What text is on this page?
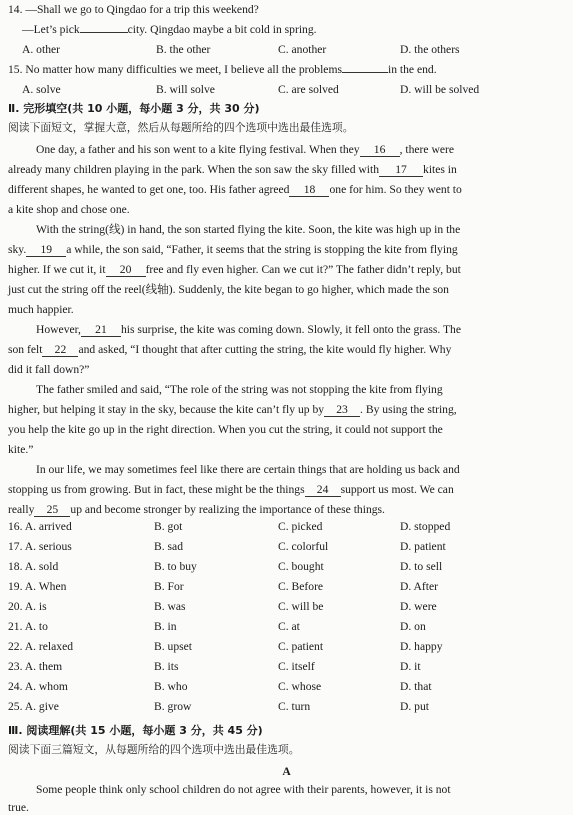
14. —Shall we go to Qingdao for a trip this weekend?
—Let’s pick	city. Qingdao maybe a bit cold in spring.
A. other	B. the other	C. another	D. the others
15. No matter how many difficulties we meet, I believe all the problems	in the end.
A. solve	B. will solve	C. are solved	D. will be solved
Ⅱ. 完形填空(共 10 小题，每小题 3 分，共 30 分)
阅读下面短文，掌握大意，然后从每题所给的四个选项中选出最佳选项。
One day, a father and his son went to a kite flying festival. When they 16 , there were
already many children playing in the park. When the son saw the sky filled with 17 kites in
different shapes, he wanted to get one, too. His father agreed 18 one for him. So they went to
a kite shop and chose one.
With the string(线) in hand, the son started flying the kite. Soon, the kite was high up in the
sky. 19 a while, the son said, “Father, it seems that the string is stopping the kite from flying
higher. If we cut it, it 20 free and fly even higher. Can we cut it?” The father didn’t reply, but
just cut the string off the reel(线轴). Suddenly, the kite began to go higher, which made the son
much happier.
However, 21 his surprise, the kite was coming down. Slowly, it fell onto the grass. The
son felt 22 and asked, “I thought that after cutting the string, the kite would fly higher. Why
did it fall down?”
The father smiled and said, “The role of the string was not stopping the kite from flying
higher, but helping it stay in the sky, because the kite can’t fly up by 23 . By using the string,
you help the kite go up in the right direction. When you cut the string, it could not support the
kite.”
In our life, we may sometimes feel like there are certain things that are holding us back and
stopping us from growing. But in fact, these might be the things 24 support us most. We can
really 25 up and become stronger by realizing the importance of these things.
16. A. arrived	B. got	C. picked	D. stopped
17. A. serious	B. sad	C. colorful	D. patient
18. A. sold	B. to buy	C. bought	D. to sell
19. A. When	B. For	C. Before	D. After
20. A. is	B. was	C. will be	D. were
21. A. to	B. in	C. at	D. on
22. A. relaxed	B. upset	C. patient	D. happy
23. A. them	B. its	C. itself	D. it
24. A. whom	B. who	C. whose	D. that
25. A. give	B. grow	C. turn	D. put
Ⅲ. 阅读理解(共 15 小题，每小题 3 分，共 45 分)
阅读下面三篇短文，从每题所给的四个选项中选出最佳选项。
A
Some people think only school children do not agree with their parents, however, it is not
true.
